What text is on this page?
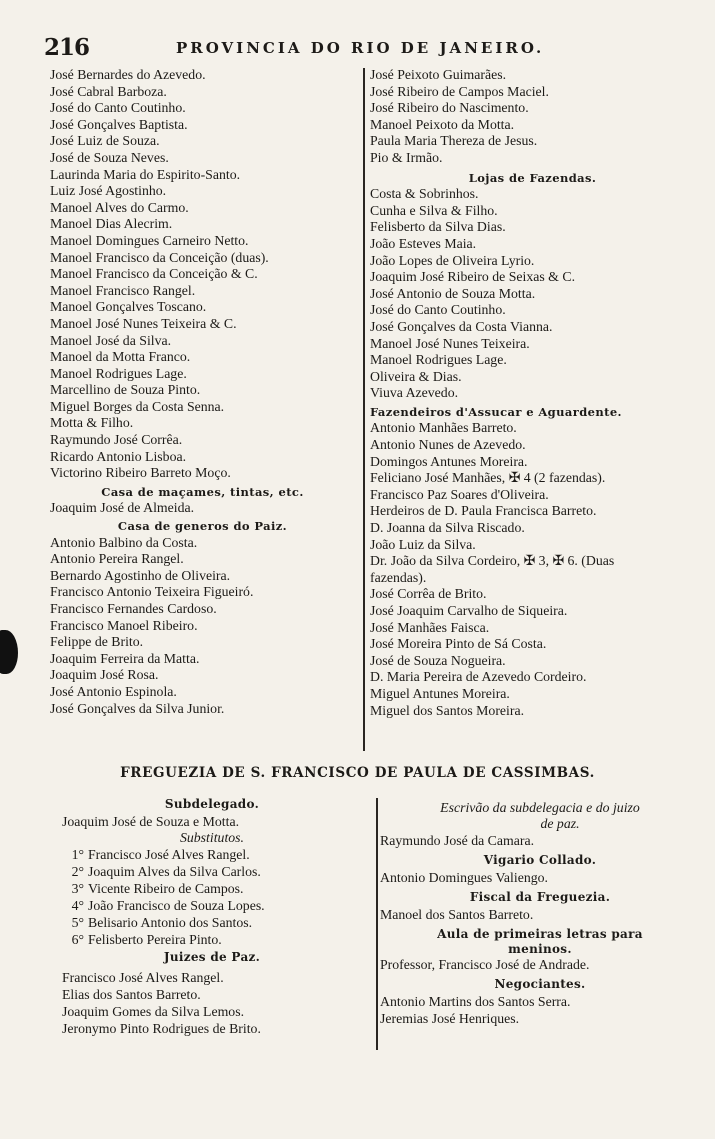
216	PROVINCIA DO RIO DE JANEIRO.
José Bernardes do Azevedo.
José Cabral Barboza.
José do Canto Coutinho.
José Gonçalves Baptista.
José Luiz de Souza.
José de Souza Neves.
Laurinda Maria do Espirito-Santo.
Luiz José Agostinho.
Manoel Alves do Carmo.
Manoel Dias Alecrim.
Manoel Domingues Carneiro Netto.
Manoel Francisco da Conceição (duas).
Manoel Francisco da Conceição & C.
Manoel Francisco Rangel.
Manoel Gonçalves Toscano.
Manoel José Nunes Teixeira & C.
Manoel José da Silva.
Manoel da Motta Franco.
Manoel Rodrigues Lage.
Marcellino de Souza Pinto.
Miguel Borges da Costa Senna.
Motta & Filho.
Raymundo José Corrêa.
Ricardo Antonio Lisboa.
Victorino Ribeiro Barreto Moço.
Casa de maçames, tintas, etc.
Joaquim José de Almeida.
Casa de generos do Paiz.
Antonio Balbino da Costa.
Antonio Pereira Rangel.
Bernardo Agostinho de Oliveira.
Francisco Antonio Teixeira Figueiró.
Francisco Fernandes Cardoso.
Francisco Manoel Ribeiro.
Felippe de Brito.
Joaquim Ferreira da Matta.
Joaquim José Rosa.
José Antonio Espinola.
José Gonçalves da Silva Junior.
José Peixoto Guimarães.
José Ribeiro de Campos Maciel.
José Ribeiro do Nascimento.
Manoel Peixoto da Motta.
Paula Maria Thereza de Jesus.
Pio & Irmão.
Lojas de Fazendas.
Costa & Sobrinhos.
Cunha e Silva & Filho.
Felisberto da Silva Dias.
João Esteves Maia.
João Lopes de Oliveira Lyrio.
Joaquim José Ribeiro de Seixas & C.
José Antonio de Souza Motta.
José do Canto Coutinho.
José Gonçalves da Costa Vianna.
Manoel José Nunes Teixeira.
Manoel Rodrigues Lage.
Oliveira & Dias.
Viuva Azevedo.
Fazendeiros d'Assucar e Aguardente.
Antonio Manhães Barreto.
Antonio Nunes de Azevedo.
Domingos Antunes Moreira.
Feliciano José Manhães, ✠ 4 (2 fazendas).
Francisco Paz Soares d'Oliveira.
Herdeiros de D. Paula Francisca Barreto.
D. Joanna da Silva Riscado.
João Luiz da Silva.
Dr. João da Silva Cordeiro, ✠ 3, ✠ 6. (Duas
fazendas).
José Corrêa de Brito.
José Joaquim Carvalho de Siqueira.
José Manhães Faisca.
José Moreira Pinto de Sá Costa.
José de Souza Nogueira.
D. Maria Pereira de Azevedo Cordeiro.
Miguel Antunes Moreira.
Miguel dos Santos Moreira.
FREGUEZIA DE S. FRANCISCO DE PAULA DE CASSIMBAS.
Subdelegado.
Joaquim José de Souza e Motta.
Substitutos.
1° Francisco José Alves Rangel.
2° Joaquim Alves da Silva Carlos.
3° Vicente Ribeiro de Campos.
4° João Francisco de Souza Lopes.
5° Belisario Antonio dos Santos.
6° Felisberto Pereira Pinto.
Juizes de Paz.
Francisco José Alves Rangel.
Elias dos Santos Barreto.
Joaquim Gomes da Silva Lemos.
Jeronymo Pinto Rodrigues de Brito.
Escrivão da subdelegacia e do juizo
de paz.
Raymundo José da Camara.
Vigario Collado.
Antonio Domingues Valiengo.
Fiscal da Freguezia.
Manoel dos Santos Barreto.
Aula de primeiras letras para
meninos.
Professor, Francisco José de Andrade.
Negociantes.
Antonio Martins dos Santos Serra.
Jeremias José Henriques.
